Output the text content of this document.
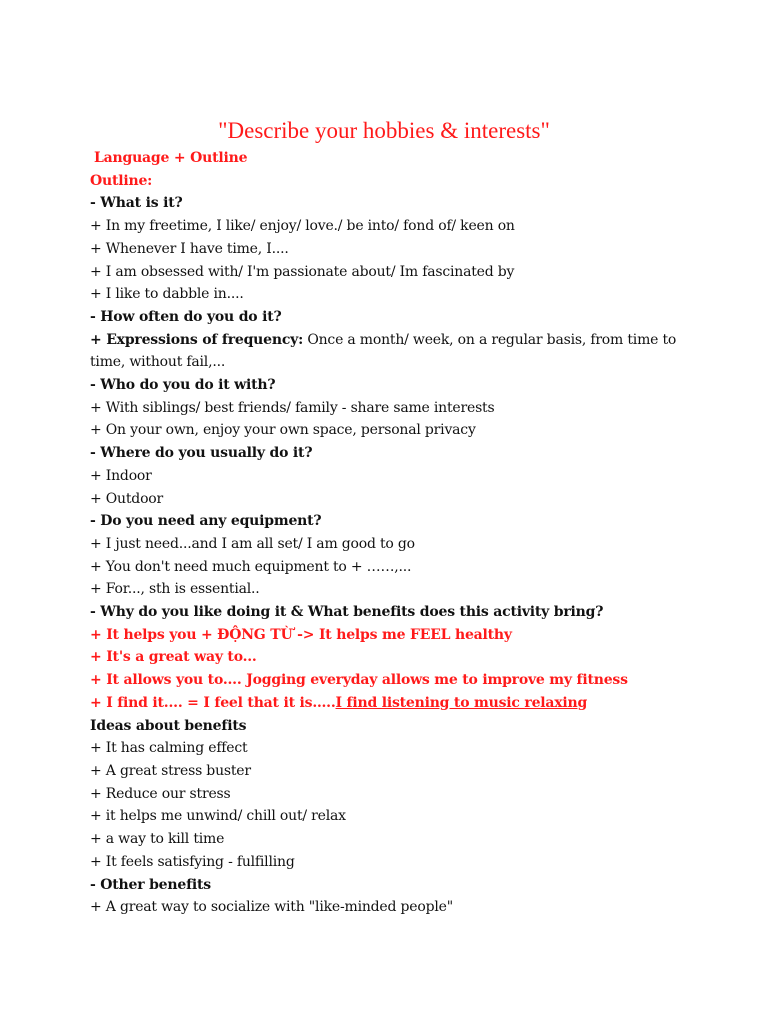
"Describe your hobbies & interests"
Language + Outline
Outline:
- What is it?
+ In my freetime, I like/ enjoy/ love./ be into/ fond of/ keen on
+ Whenever I have time, I....
+ I am obsessed with/ I'm passionate about/ Im fascinated by
+ I like to dabble in....
- How often do you do it?
+ Expressions of frequency: Once a month/ week, on a regular basis, from time to time, without fail,...
- Who do you do it with?
+ With siblings/ best friends/ family - share same interests
+ On your own, enjoy your own space, personal privacy
- Where do you usually do it?
+ Indoor
+ Outdoor
- Do you need any equipment?
+ I just need...and I am all set/ I am good to go
+ You don't need much equipment to + ……,...
+ For..., sth is essential..
- Why do you like doing it & What benefits does this activity bring?
+ It helps you + ĐỘNG TỪ -> It helps me FEEL healthy
+ It's a great way to...
+ It allows you to.... Jogging everyday allows me to improve my fitness
+ I find it.... = I feel that it is…..I find listening to music relaxing
Ideas about benefits
+ It has calming effect
+ A great stress buster
+ Reduce our stress
+ it helps me unwind/ chill out/ relax
+ a way to kill time
+ It feels satisfying - fulfilling
- Other benefits
+ A great way to socialize with "like-minded people"
